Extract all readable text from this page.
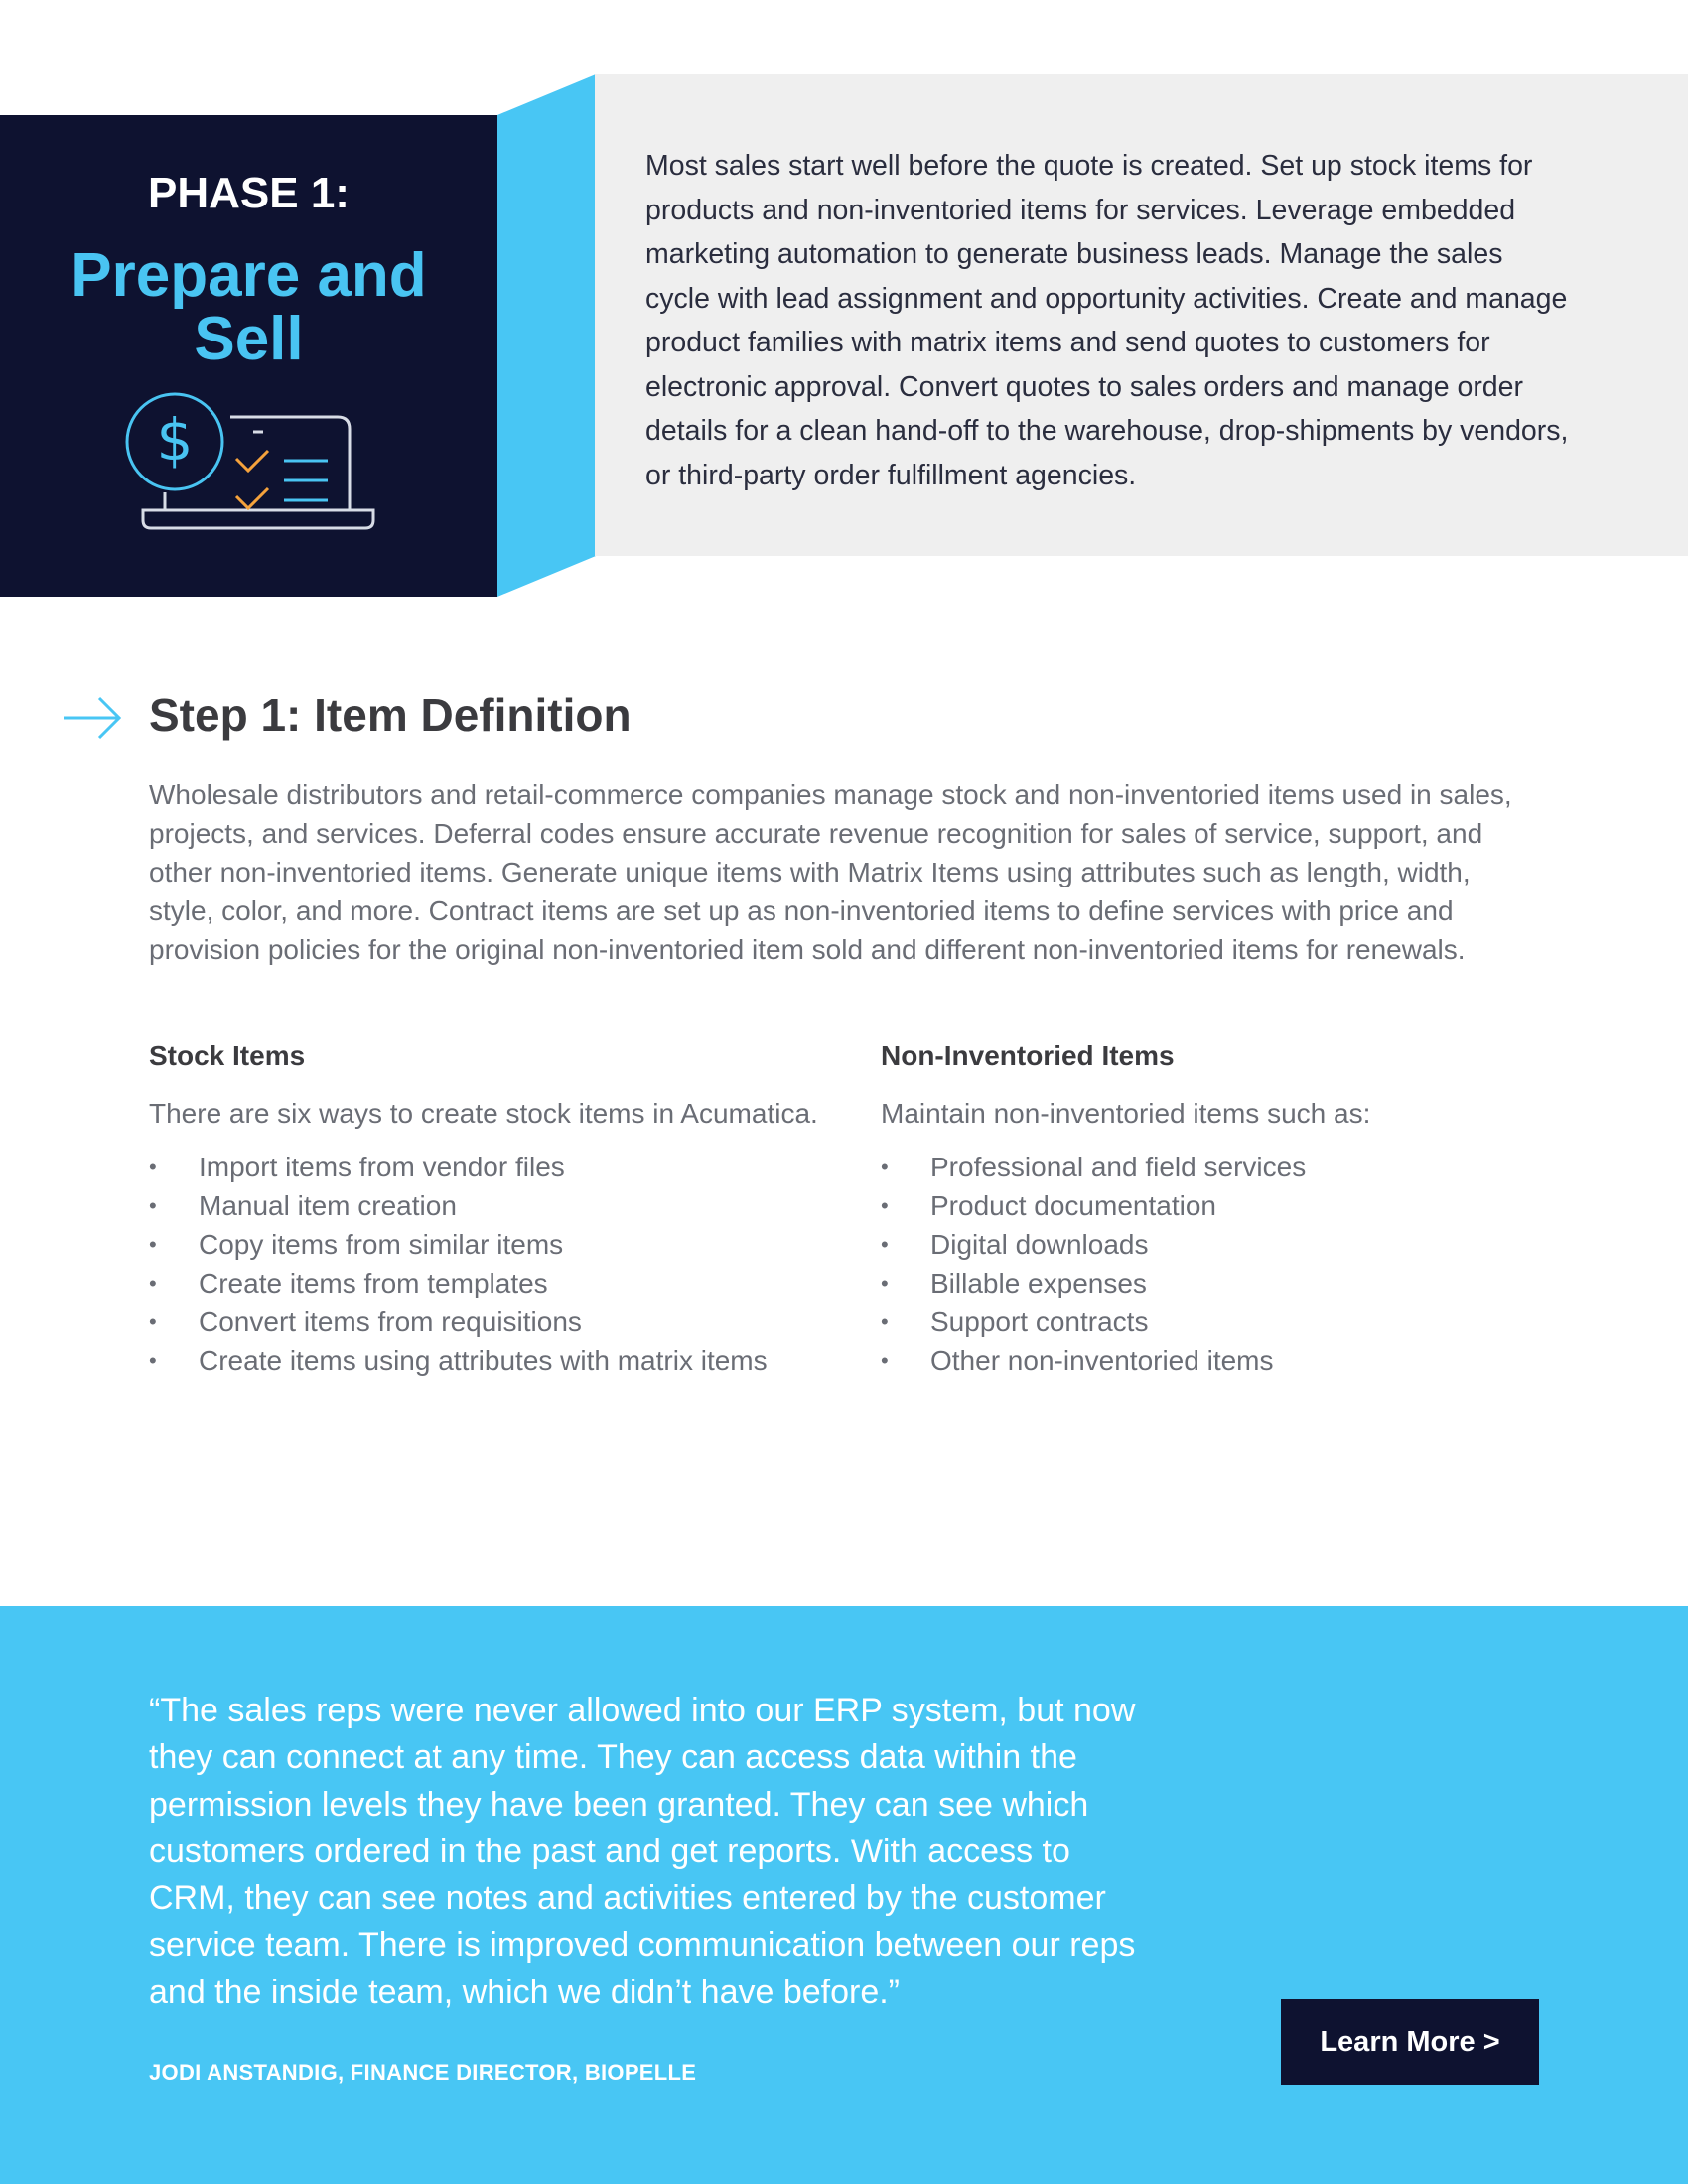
PHASE 1:
Prepare and
Sell
$

Most sales start well before the quote is created. Set up stock items for products and non-inventoried items for services. Leverage embedded marketing automation to generate business leads. Manage the sales cycle with lead assignment and opportunity activities. Create and manage product families with matrix items and send quotes to customers for electronic approval. Convert quotes to sales orders and manage order details for a clean hand-off to the warehouse, drop-shipments by vendors, or third-party order fulfillment agencies.

Step 1: Item Definition

Wholesale distributors and retail-commerce companies manage stock and non-inventoried items used in sales, projects, and services. Deferral codes ensure accurate revenue recognition for sales of service, support, and other non-inventoried items. Generate unique items with Matrix Items using attributes such as length, width, style, color, and more. Contract items are set up as non-inventoried items to define services with price and provision policies for the original non-inventoried item sold and different non-inventoried items for renewals.

Stock Items

There are six ways to create stock items in Acumatica.

• Import items from vendor files
• Manual item creation
• Copy items from similar items
• Create items from templates
• Convert items from requisitions
• Create items using attributes with matrix items
Non-Inventoried Items

Maintain non-inventoried items such as:

• Professional and field services
• Product documentation
• Digital downloads
• Billable expenses
• Support contracts
• Other non-inventoried items

“The sales reps were never allowed into our ERP system, but now they can connect at any time. They can access data within the permission levels they have been granted. They can see which customers ordered in the past and get reports. With access to CRM, they can see notes and activities entered by the customer service team. There is improved communication between our reps and the inside team, which we didn’t have before.”

JODI ANSTANDIG, FINANCE DIRECTOR, BIOPELLE

Learn More >
